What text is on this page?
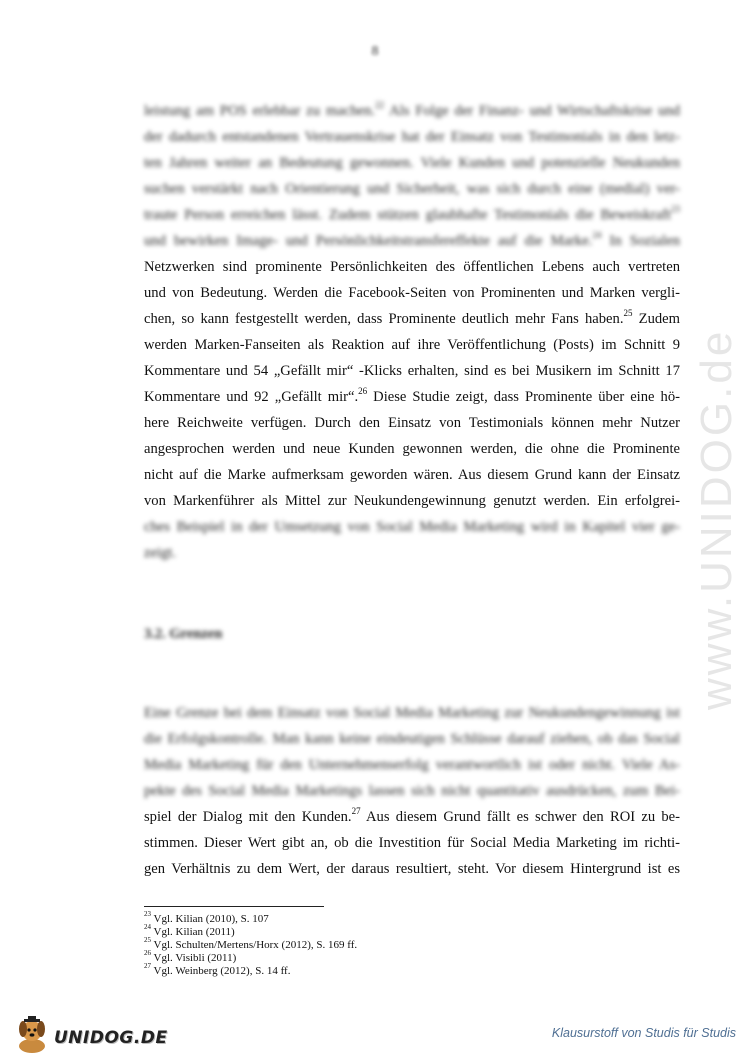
8
www.UNIDOG.de
leistung am POS erlebbar zu machen.$^{22}$ Als Folge der Finanz- und Wirtschaftskrise und
der dadurch entstandenen Vertrauenskrise hat der Einsatz von Testimonials in den letz-
ten Jahren weiter an Bedeutung gewonnen. Viele Kunden und potenzielle Neukunden
suchen verstärkt nach Orientierung und Sicherheit, was sich durch eine (medial) ver-
traute Person erreichen lässt. Zudem stützen glaubhafte Testimonials die Beweiskraft$^{23}$
und bewirken Image- und Persönlichkeitstransfereffekte auf die Marke.$^{24}$ In Sozialen
Netzwerken sind prominente Persönlichkeiten des öffentlichen Lebens auch vertreten
und von Bedeutung. Werden die Facebook-Seiten von Prominenten und Marken vergli-
chen, so kann festgestellt werden, dass Prominente deutlich mehr Fans haben.$^{25}$ Zudem
werden Marken-Fanseiten als Reaktion auf ihre Veröffentlichung (Posts) im Schnitt 9
Kommentare und 54 „Gefällt mir“ -Klicks erhalten, sind es bei Musikern im Schnitt 17
Kommentare und 92 „Gefällt mir“.$^{26}$ Diese Studie zeigt, dass Prominente über eine hö-
here Reichweite verfügen. Durch den Einsatz von Testimonials können mehr Nutzer
angesprochen werden und neue Kunden gewonnen werden, die ohne die Prominente
nicht auf die Marke aufmerksam geworden wären. Aus diesem Grund kann der Einsatz
von Markenführer als Mittel zur Neukundengewinnung genutzt werden. Ein erfolgrei-
ches Beispiel in der Umsetzung von Social Media Marketing wird in Kapitel vier ge-
zeigt.
3.2. Grenzen
Eine Grenze bei dem Einsatz von Social Media Marketing zur Neukundengewinnung ist
die Erfolgskontrolle. Man kann keine eindeutigen Schlüsse darauf ziehen, ob das Social
Media Marketing für den Unternehmenserfolg verantwortlich ist oder nicht. Viele As-
pekte des Social Media Marketings lassen sich nicht quantitativ ausdrücken, zum Bei-
spiel der Dialog mit den Kunden.$^{27}$ Aus diesem Grund fällt es schwer den ROI zu be-
stimmen. Dieser Wert gibt an, ob die Investition für Social Media Marketing im richti-
gen Verhältnis zu dem Wert, der daraus resultiert, steht. Vor diesem Hintergrund ist es
$^{23}$ Vgl. Kilian (2010), S. 107
$^{24}$ Vgl. Kilian (2011)
$^{25}$ Vgl. Schulten/Mertens/Horx (2012), S. 169 ff.
$^{26}$ Vgl. Visibli (2011)
$^{27}$ Vgl. Weinberg (2012), S. 14 ff.
UNIDOG.DE	Klausurstoff von Studis für Studis
